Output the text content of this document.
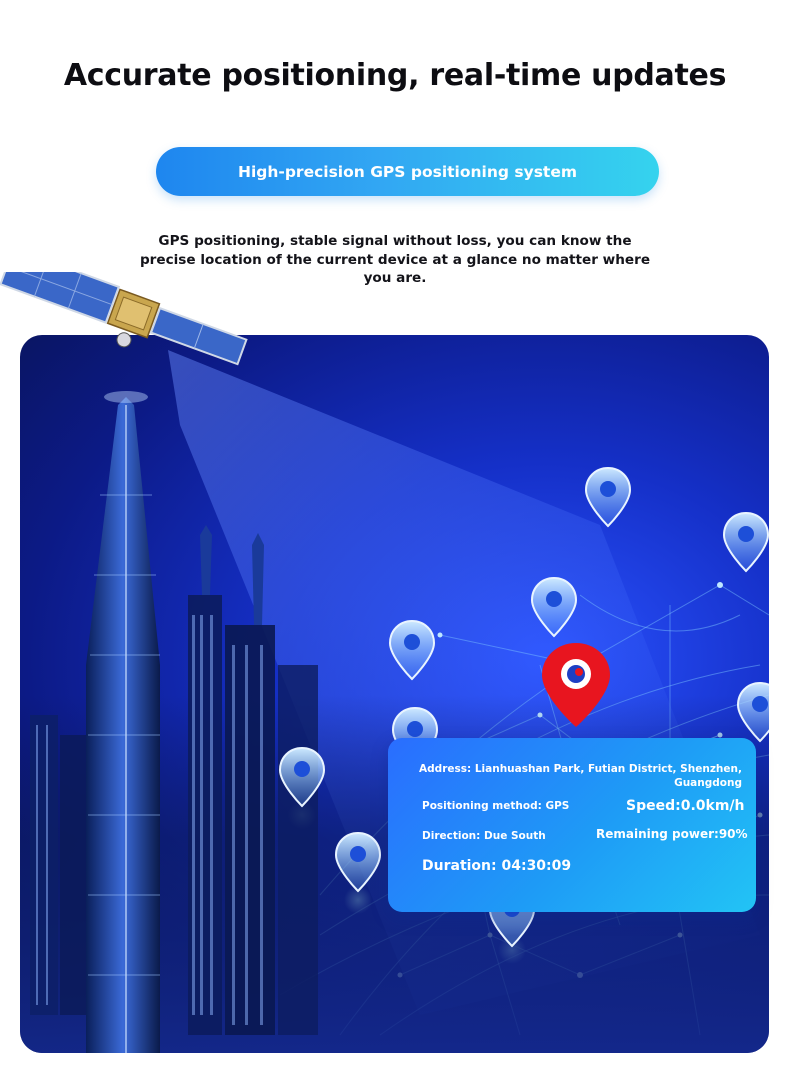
Accurate positioning, real-time updates
High-precision GPS positioning system
GPS positioning, stable signal without loss, you can know the precise location of the current device at a glance no matter where you are.
Address: Lianhuashan Park, Futian District, Shenzhen, Guangdong
Positioning method: GPS	Speed:0.0km/h
Direction: Due South	Remaining power:90%
Duration: 04:30:09
